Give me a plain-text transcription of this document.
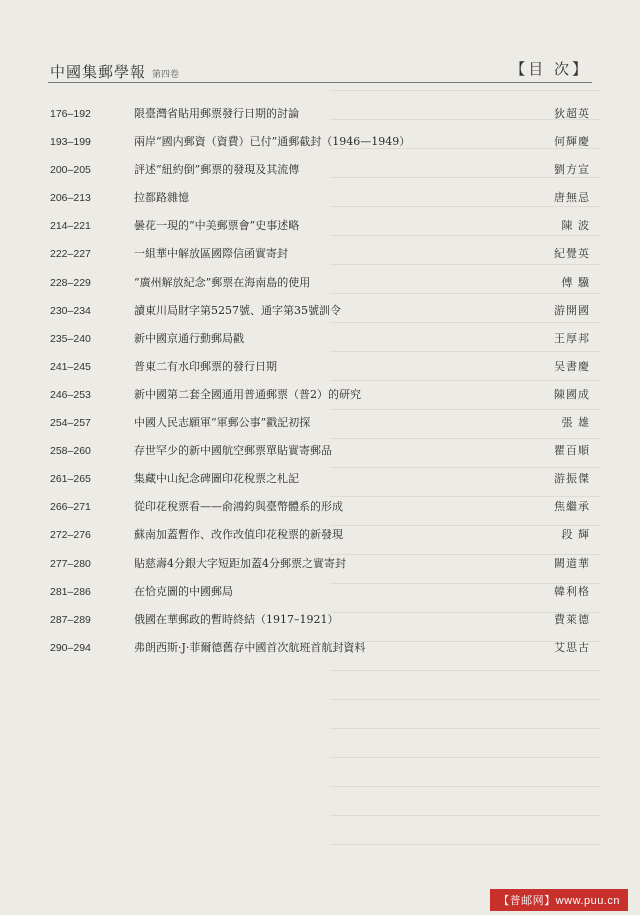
中國集郵學報 第四卷	【目 次】
176–192	限臺灣省貼用郵票發行日期的討論	狄超英
193–199	兩岸“國内郵資（資費）已付”通郵截封（1946—1949）	何輝慶
200–205	評述“紐約倒”郵票的發現及其流傳	劉方宣
206–213	拉都路雜憶	唐無忌
214–221	曇花一現的“中美郵票會”史事述略	陳 波
222–227	一組華中解放區國際信函實寄封	紀覺英
228–229	“廣州解放紀念”郵票在海南島的使用	傅 驥
230–234	讀東川局財字第5257號、通字第35號訓令	游開國
235–240	新中國京通行動郵局戳	王厚邦
241–245	普東二有水印郵票的發行日期	吴書慶
246–253	新中國第二套全國通用普通郵票（普2）的研究	陳國成
254–257	中國人民志願軍“軍郵公事”戳記初探	張 雄
258–260	存世罕少的新中國航空郵票單貼實寄郵品	瞿百順
261–265	集藏中山紀念碑圖印花稅票之札記	游振傑
266–271	從印花稅票看——俞鴻鈞與臺幣體系的形成	焦繼承
272–276	蘇南加蓋暫作、改作改值印花稅票的新發現	段 輝
277–280	貼慈壽4分銀大字短距加蓋4分郵票之實寄封	闕道華
281–286	在恰克圖的中國郵局	韓利格
287–289	俄國在華郵政的暫時終結（1917–1921）	費萊德
290–294	弗朗西斯·J·菲爾德舊存中國首次航班首航封資料	艾思古
【普邮网】www.puu.cn
